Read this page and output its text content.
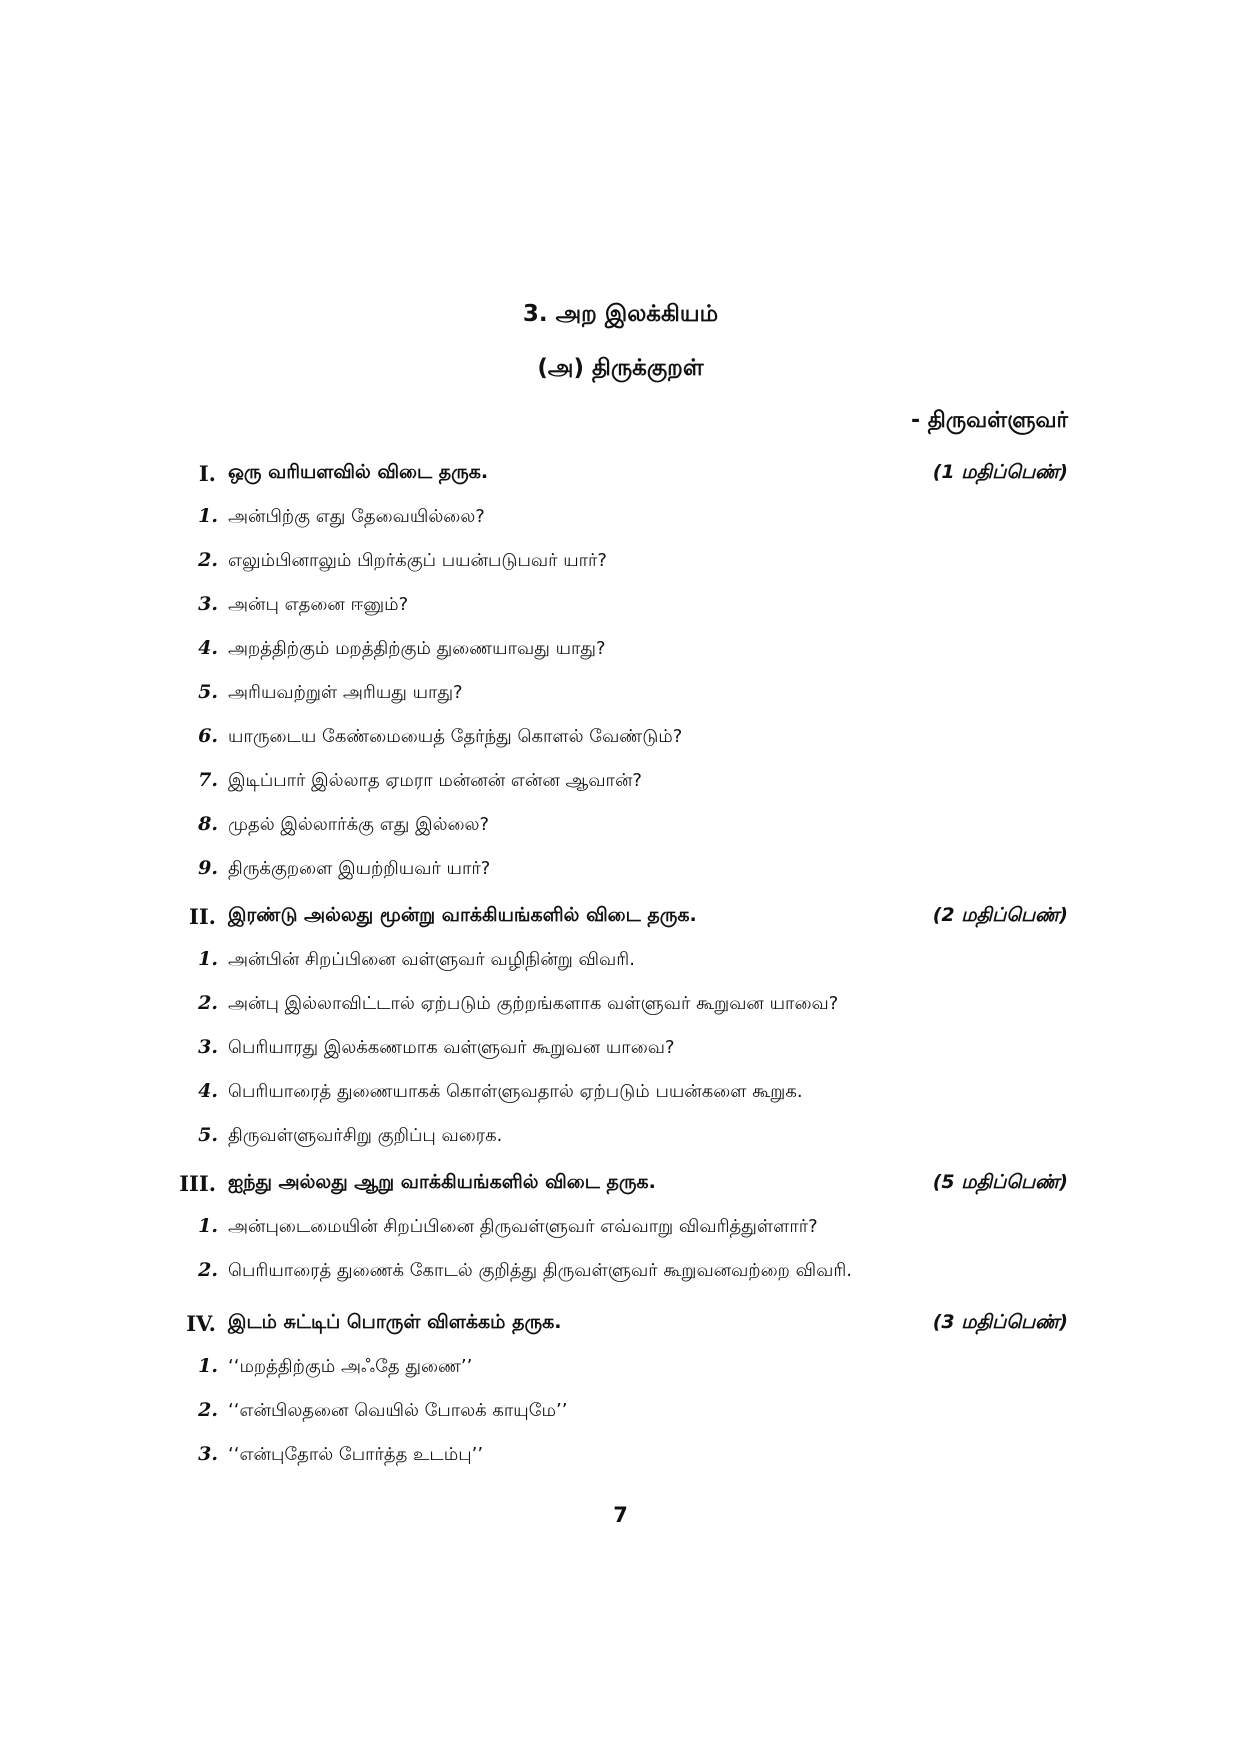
3. அற இலக்கியம்
(அ) திருக்குறள்
- திருவள்ளுவர்
I. ஒரு வரியளவில் விடை தருக.	(1 மதிப்பெண்)
1. அன்பிற்கு எது தேவையில்லை?
2. எலும்பினாலும் பிறர்க்குப் பயன்படுபவர் யார்?
3. அன்பு எதனை ஈனும்?
4. அறத்திற்கும் மறத்திற்கும் துணையாவது யாது?
5. அரியவற்றுள் அரியது யாது?
6. யாருடைய கேண்மையைத் தேர்ந்து கொளல் வேண்டும்?
7. இடிப்பார் இல்லாத ஏமரா மன்னன் என்ன ஆவான்?
8. முதல் இல்லார்க்கு எது இல்லை?
9. திருக்குறளை இயற்றியவர் யார்?
II. இரண்டு அல்லது மூன்று வாக்கியங்களில் விடை தருக.	(2 மதிப்பெண்)
1. அன்பின் சிறப்பினை வள்ளுவர் வழிநின்று விவரி.
2. அன்பு இல்லாவிட்டால் ஏற்படும் குற்றங்களாக வள்ளுவர் கூறுவன யாவை?
3. பெரியாரது இலக்கணமாக வள்ளுவர் கூறுவன யாவை?
4. பெரியாரைத் துணையாகக் கொள்ளுவதால் ஏற்படும் பயன்களை கூறுக.
5. திருவள்ளுவர்சிறு குறிப்பு வரைக.
III. ஐந்து அல்லது ஆறு வாக்கியங்களில் விடை தருக.	(5 மதிப்பெண்)
1. அன்புடைமையின் சிறப்பினை திருவள்ளுவர் எவ்வாறு விவரித்துள்ளார்?
2. பெரியாரைத் துணைக் கோடல் குறித்து திருவள்ளுவர் கூறுவனவற்றை விவரி.
IV. இடம் சுட்டிப் பொருள் விளக்கம் தருக.	(3 மதிப்பெண்)
1. ‘‘மறத்திற்கும் அஃதே துணை’’
2. ‘‘என்பிலதனை வெயில் போலக் காயுமே’’
3. ‘‘என்புதோல் போர்த்த உடம்பு’’
7
